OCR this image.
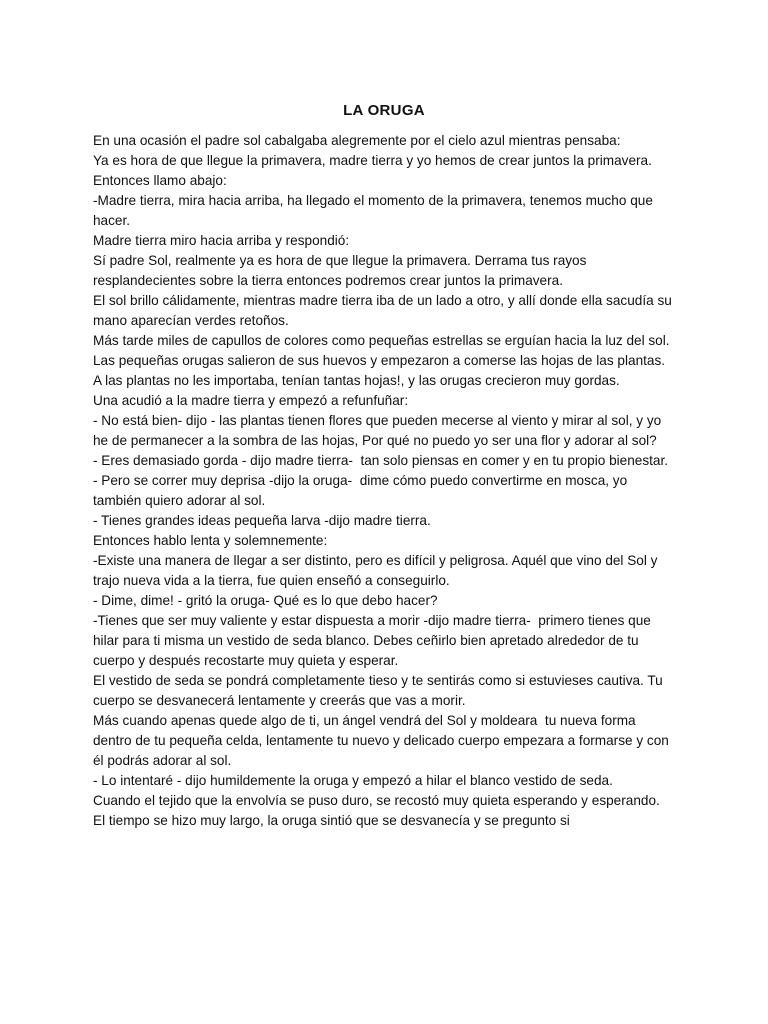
LA ORUGA

En una ocasión el padre sol cabalgaba alegremente por el cielo azul mientras pensaba:

Ya es hora de que llegue la primavera, madre tierra y yo hemos de crear juntos la primavera.

Entonces llamo abajo:

-Madre tierra, mira hacia arriba, ha llegado el momento de la primavera, tenemos mucho que hacer.

Madre tierra miro hacia arriba y respondió:

Sí padre Sol, realmente ya es hora de que llegue la primavera. Derrama tus rayos resplandecientes sobre la tierra entonces podremos crear juntos la primavera.

El sol brillo cálidamente, mientras madre tierra iba de un lado a otro, y allí donde ella sacudía su mano aparecían verdes retoños.

Más tarde miles de capullos de colores como pequeñas estrellas se erguían hacia la luz del sol.

Las pequeñas orugas salieron de sus huevos y empezaron a comerse las hojas de las plantas. A las plantas no les importaba, tenían tantas hojas!, y las orugas crecieron muy gordas.

Una acudió a la madre tierra y empezó a refunfuñar:

- No está bien- dijo - las plantas tienen flores que pueden mecerse al viento y mirar al sol, y yo he de permanecer a la sombra de las hojas, Por qué no puedo yo ser una flor y adorar al sol?

- Eres demasiado gorda - dijo madre tierra-  tan solo piensas en comer y en tu propio bienestar.

- Pero se correr muy deprisa -dijo la oruga-  dime cómo puedo convertirme en mosca, yo también quiero adorar al sol.

- Tienes grandes ideas pequeña larva -dijo madre tierra.

Entonces hablo lenta y solemnemente:

-Existe una manera de llegar a ser distinto, pero es difícil y peligrosa. Aquél que vino del Sol y trajo nueva vida a la tierra, fue quien enseñó a conseguirlo.

- Dime, dime! - gritó la oruga- Qué es lo que debo hacer?

-Tienes que ser muy valiente y estar dispuesta a morir -dijo madre tierra-  primero tienes que hilar para ti misma un vestido de seda blanco. Debes ceñirlo bien apretado alrededor de tu cuerpo y después recostarte muy quieta y esperar.

El vestido de seda se pondrá completamente tieso y te sentirás como si estuvieses cautiva. Tu cuerpo se desvanecerá lentamente y creerás que vas a morir.

Más cuando apenas quede algo de ti, un ángel vendrá del Sol y moldeara  tu nueva forma dentro de tu pequeña celda, lentamente tu nuevo y delicado cuerpo empezara a formarse y con él podrás adorar al sol.

- Lo intentaré - dijo humildemente la oruga y empezó a hilar el blanco vestido de seda.

Cuando el tejido que la envolvía se puso duro, se recostó muy quieta esperando y esperando. El tiempo se hizo muy largo, la oruga sintió que se desvanecía y se pregunto si
